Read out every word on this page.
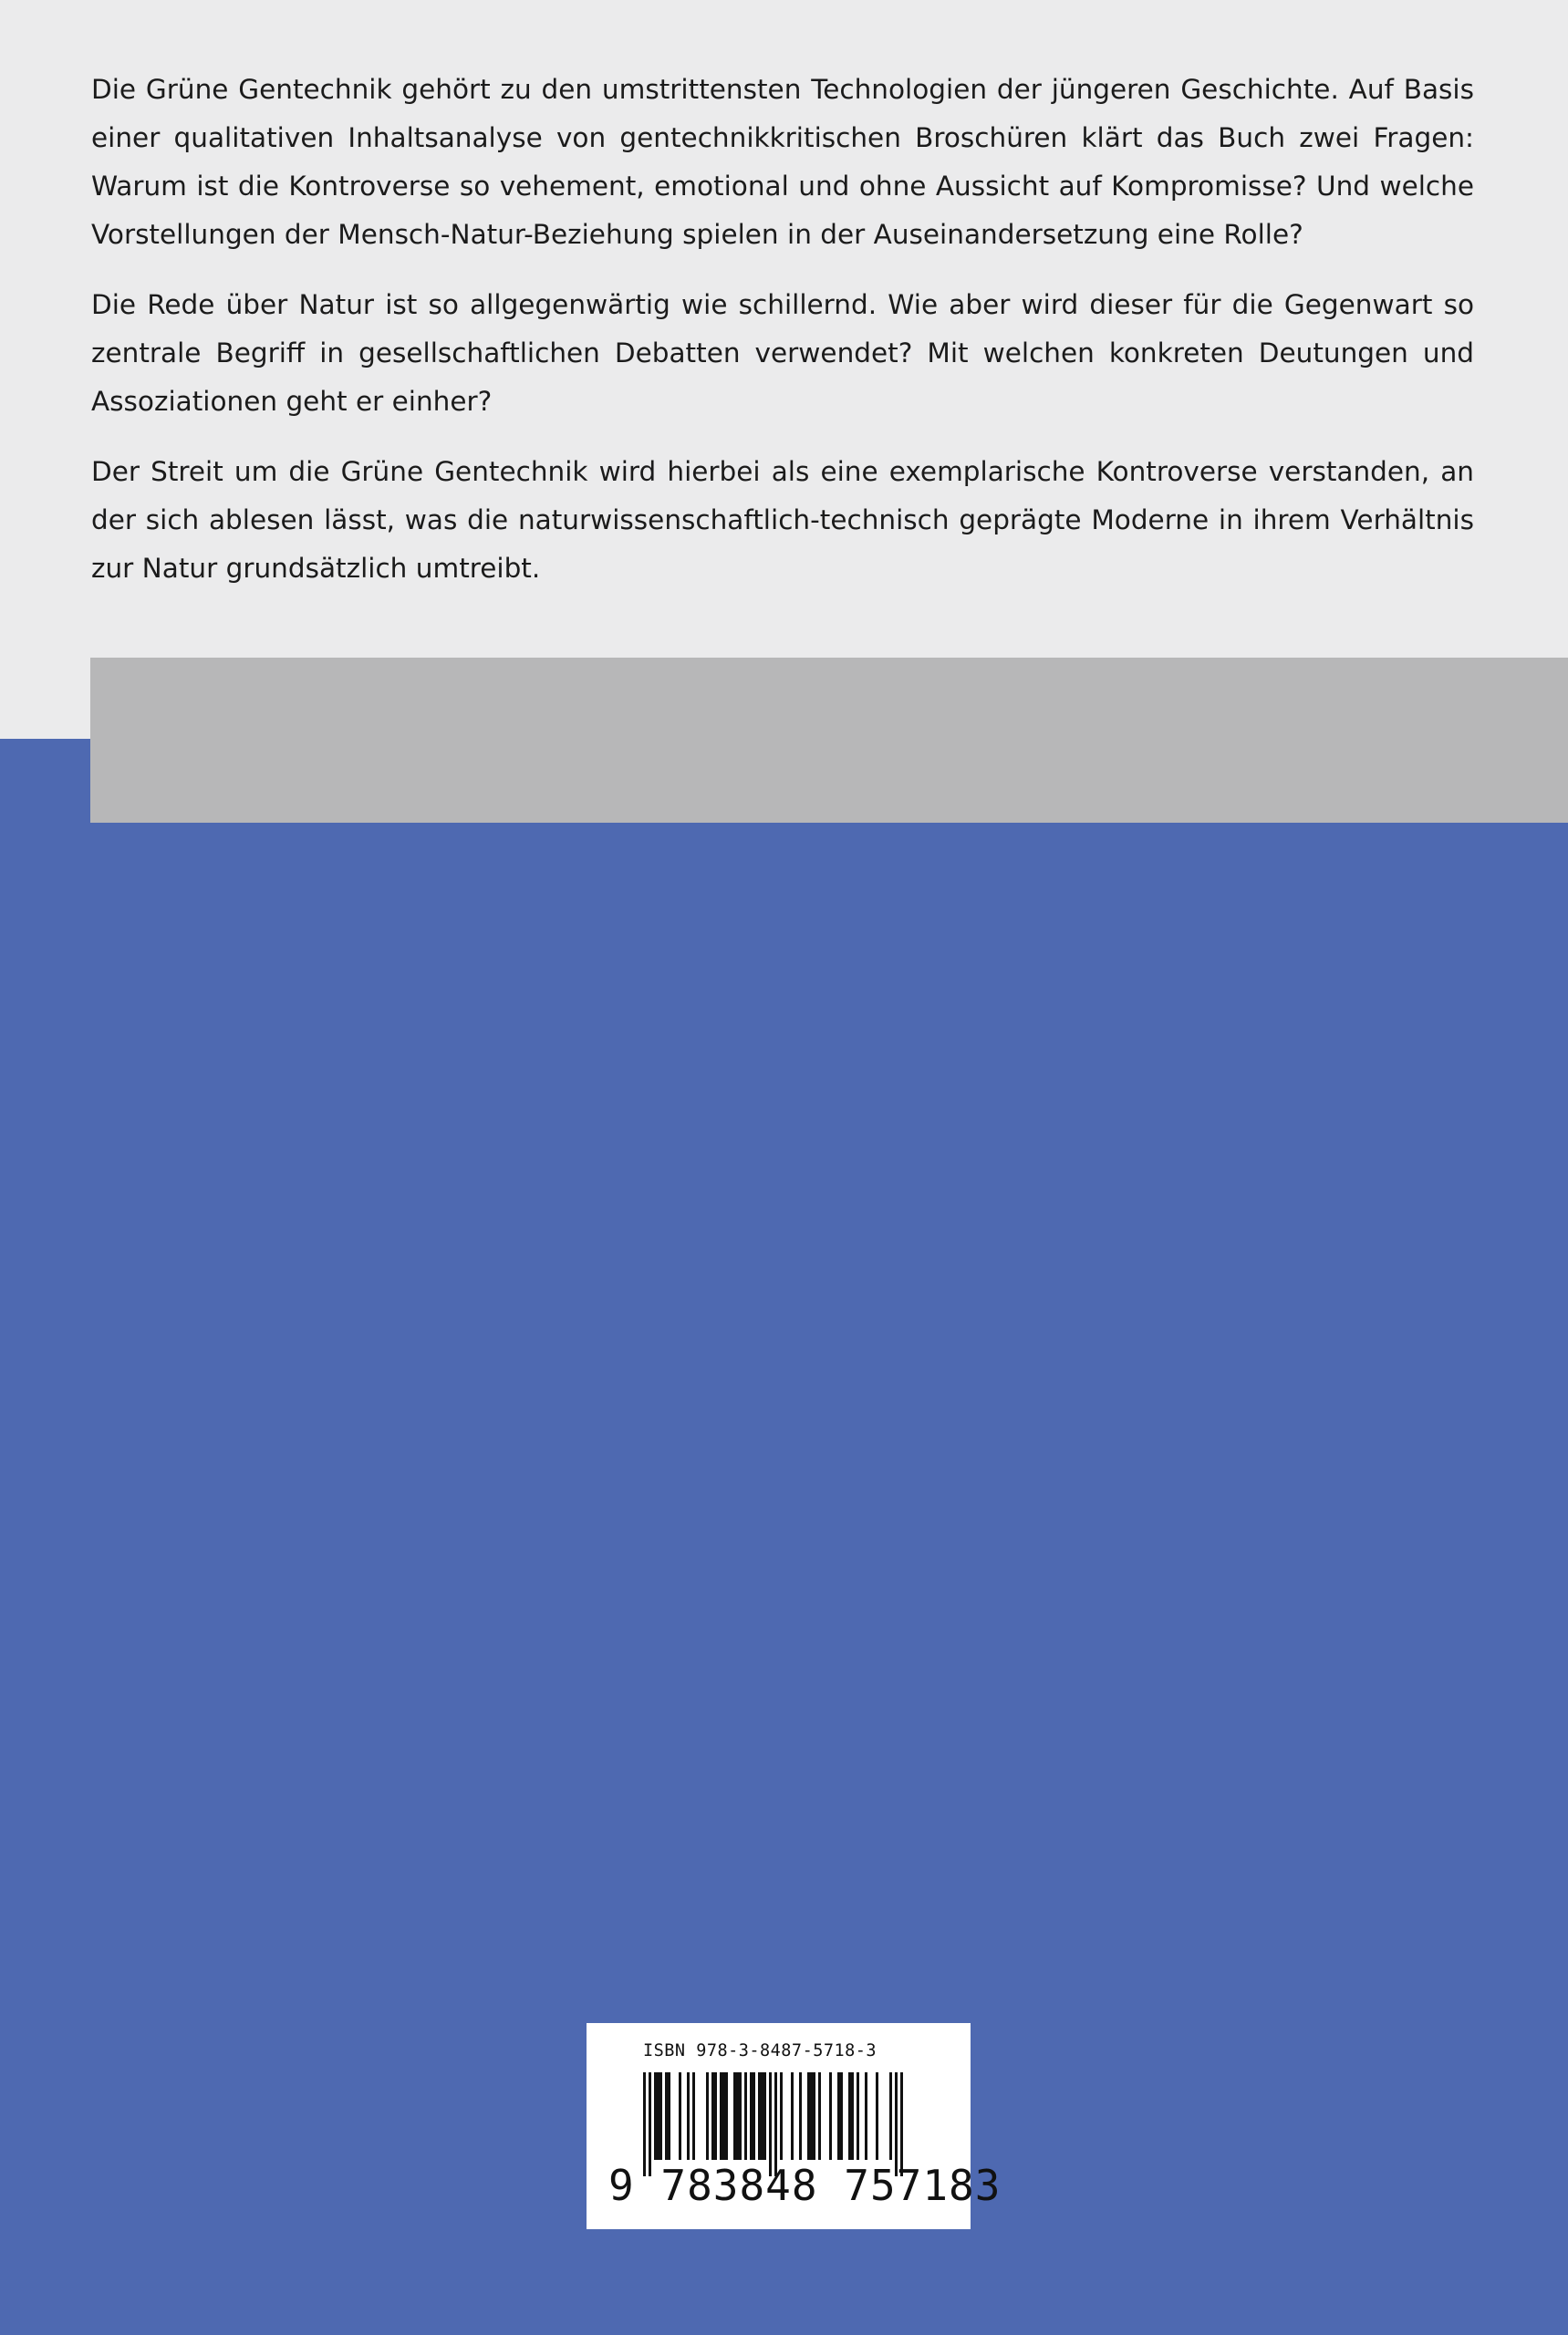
Die Grüne Gentechnik gehört zu den umstrittensten Technologien der jüngeren Geschichte. Auf Basis einer qualitativen Inhaltsanalyse von gentechnikkritischen Broschüren klärt das Buch zwei Fragen: Warum ist die Kontroverse so vehement, emotional und ohne Aussicht auf Kompromisse? Und welche Vorstellungen der Mensch-Natur-Beziehung spielen in der Auseinandersetzung eine Rolle?

Die Rede über Natur ist so allgegenwärtig wie schillernd. Wie aber wird dieser für die Gegenwart so zentrale Begriff in gesellschaftlichen Debatten verwendet? Mit welchen konkreten Deutungen und Assoziationen geht er einher?

Der Streit um die Grüne Gentechnik wird hierbei als eine exemplarische Kontroverse verstanden, an der sich ablesen lässt, was die naturwissenschaftlich-technisch geprägte Moderne in ihrem Verhältnis zur Natur grundsätzlich umtreibt.

ISBN 978-3-8487-5718-3
9 783848 757183
